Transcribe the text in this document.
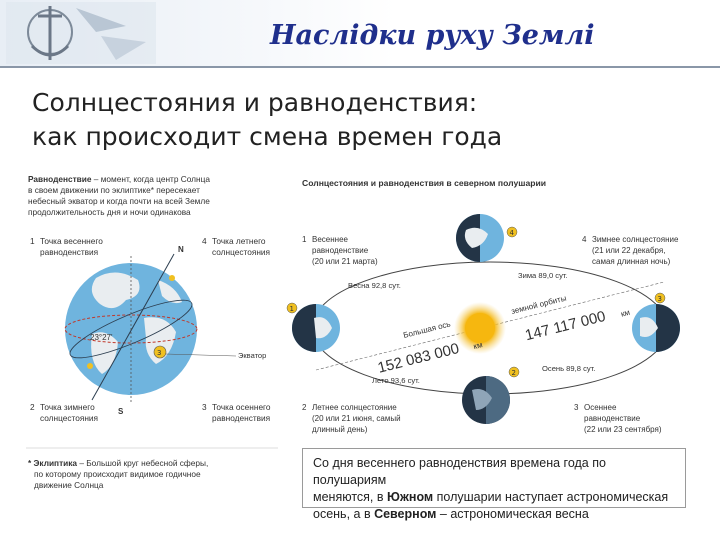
Наслідки руху Землі
Солнцестояния и равноденствия:
как происходит смена времен года
Равноденствие – момент, когда центр Солнца
в своем движении по эклиптике* пересекает
небесный экватор и когда почти на всей Земле
продолжительность дня и ночи одинакова
1 Точка весеннего
равноденствия
4 Точка летнего
солнцестояния
3
N
S
23°27'
Экватор
2 Точка зимнего
солнцестояния
3 Точка осеннего
равноденствия
* Эклиптика – Большой круг небесной сферы,
по которому происходит видимое годичное
движение Солнца
Солнцестояния и равноденствия в северном полушарии
1 Весеннее
равноденствие
(20 или 21 марта)
4 Зимнее солнцестояние
(21 или 22 декабря,
самая длинная ночь)
4
1
3
2
Зима 89,0 сут.
Весна 92,8 сут.
Лето 93,6 сут.
Осень 89,8 сут.
Большая ось
земной орбиты
147 117 000 км
152 083 000 км
2 Летнее солнцестояние
(20 или 21 июня, самый
длинный день)
3 Осеннее
равноденствие
(22 или 23 сентября)
Со дня весеннего равноденствия времена года по полушариям
меняются, в Южном полушарии наступает астрономическая
осень, а в Северном – астрономическая весна
